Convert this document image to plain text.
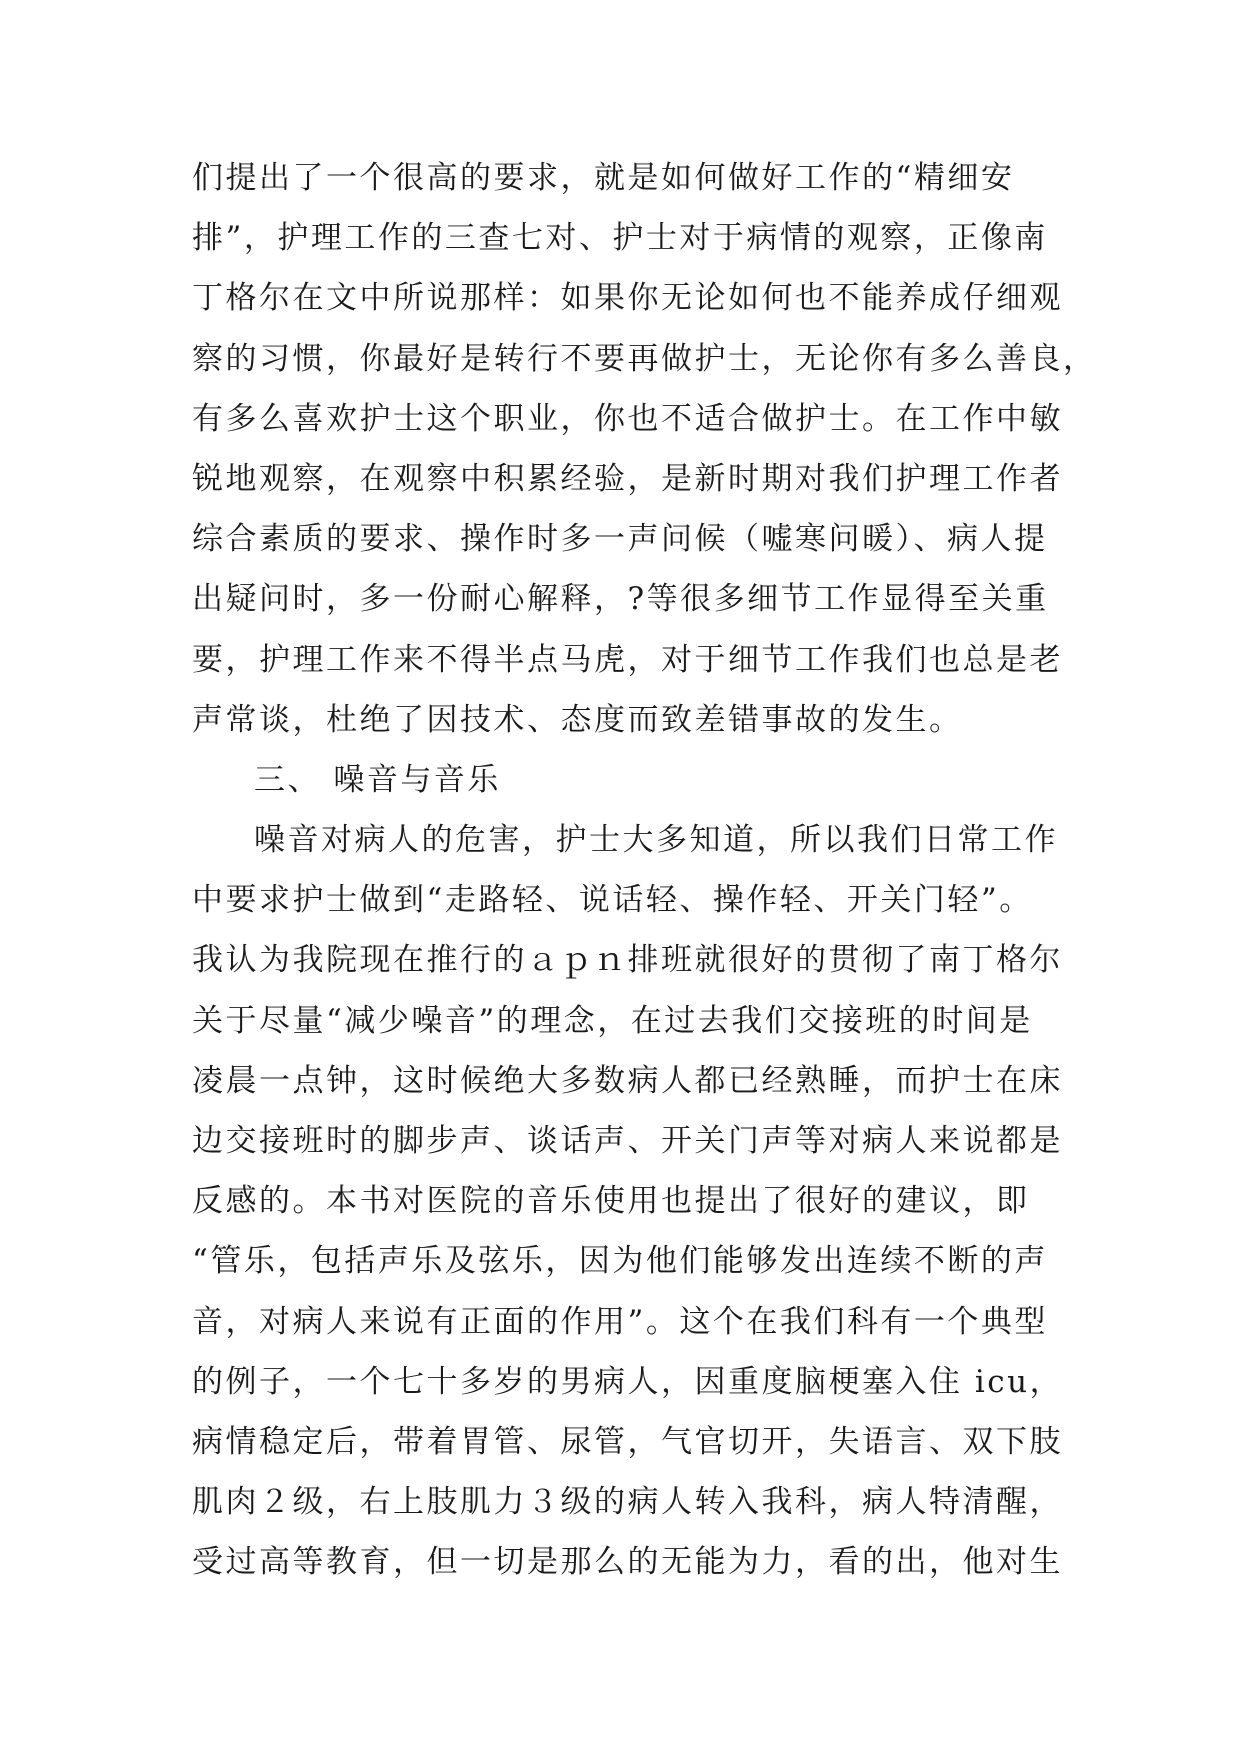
们提出了一个很高的要求，就是如何做好工作的“精细安
排”，护理工作的三查七对、护士对于病情的观察，正像南
丁格尔在文中所说那样：如果你无论如何也不能养成仔细观
察的习惯，你最好是转行不要再做护士，无论你有多么善良，
有多么喜欢护士这个职业，你也不适合做护士。在工作中敏
锐地观察，在观察中积累经验，是新时期对我们护理工作者
综合素质的要求、操作时多一声问候（嘘寒问暖）、病人提
出疑问时，多一份耐心解释，?等很多细节工作显得至关重
要，护理工作来不得半点马虎，对于细节工作我们也总是老
声常谈，杜绝了因技术、态度而致差错事故的发生。
三、 噪音与音乐
噪音对病人的危害，护士大多知道，所以我们日常工作
中要求护士做到“走路轻、说话轻、操作轻、开关门轻”。
我认为我院现在推行的ａｐｎ排班就很好的贯彻了南丁格尔
关于尽量“减少噪音”的理念，在过去我们交接班的时间是
凌晨一点钟，这时候绝大多数病人都已经熟睡，而护士在床
边交接班时的脚步声、谈话声、开关门声等对病人来说都是
反感的。本书对医院的音乐使用也提出了很好的建议，即
“管乐，包括声乐及弦乐，因为他们能够发出连续不断的声
音，对病人来说有正面的作用”。这个在我们科有一个典型
的例子，一个七十多岁的男病人，因重度脑梗塞入住 icu，
病情稳定后，带着胃管、尿管，气官切开，失语言、双下肢
肌肉２级，右上肢肌力３级的病人转入我科，病人特清醒，
受过高等教育，但一切是那么的无能为力，看的出，他对生
